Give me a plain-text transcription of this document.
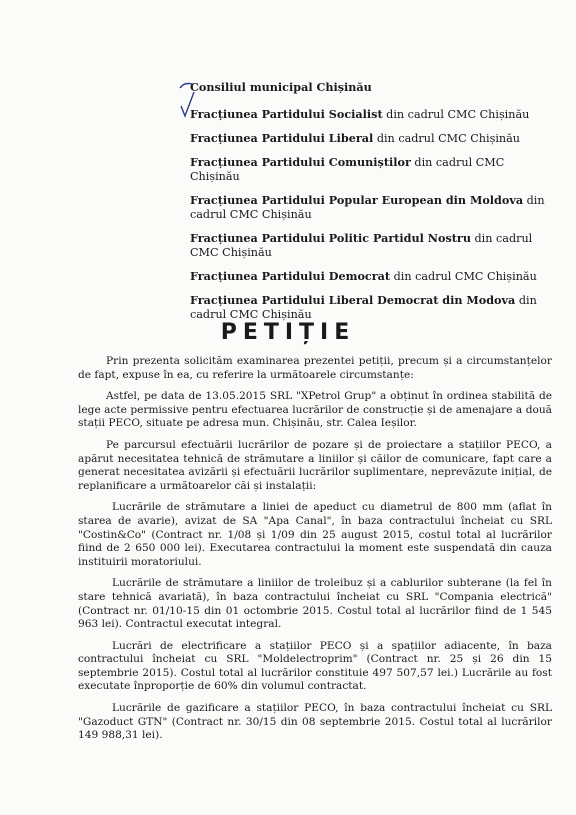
Consiliul municipal Chișinău
Fracțiunea Partidului Socialist din cadrul CMC Chișinău
Fracțiunea Partidului Liberal din cadrul CMC Chișinău
Fracțiunea Partidului Comuniștilor din cadrul CMC Chișinău
Fracțiunea Partidului Popular European din Moldova din cadrul CMC Chișinău
Fracțiunea Partidului Politic Partidul Nostru din cadrul CMC Chișinău
Fracțiunea Partidului Democrat din cadrul CMC Chișinău
Fracțiunea Partidului Liberal Democrat din Modova din cadrul CMC Chișinău
PETIȚIE

Prin prezenta solicităm examinarea prezentei petiții, precum și a circumstanțelor de fapt, expuse în ea, cu referire la următoarele circumstanțe:

Astfel, pe data de 13.05.2015 SRL "XPetrol Grup" a obținut în ordinea stabilită de lege acte permissive pentru efectuarea lucrărilor de construcție și de amenajare a două stații PECO, situate pe adresa mun. Chișinău, str. Calea Ieșilor.

Pe parcursul efectuării lucrărilor de pozare și de proiectare a stațiilor PECO, a apărut necesitatea tehnică de strămutare a liniilor și căilor de comunicare, fapt care a generat necesitatea avizării și efectuării lucrărilor suplimentare, neprevăzute inițial, de replanificare a următoarelor căi și instalații:

Lucrările de strămutare a liniei de apeduct cu diametrul de 800 mm (aflat în starea de avarie), avizat de SA "Apa Canal", în baza contractului încheiat cu SRL "Costin&Co" (Contract nr. 1/08 și 1/09 din 25 august 2015, costul total al lucrărilor fiind de 2 650 000 lei). Executarea contractului la moment este suspendată din cauza instituirii moratoriului.

Lucrările de strămutare a liniilor de troleibuz și a cablurilor subterane (la fel în stare tehnică avariată), în baza contractului încheiat cu SRL "Compania electrică" (Contract nr. 01/10-15 din 01 octombrie 2015. Costul total al lucrărilor fiind de 1 545 963 lei). Contractul executat integral.

Lucrări de electrificare a stațiilor PECO și a spațiilor adiacente, în baza contractului încheiat cu SRL "Moldelectroprim" (Contract nr. 25 și 26 din 15 septembrie 2015). Costul total al lucrărilor constituie 497 507,57 lei.) Lucrările au fost executate înproporție de 60% din volumul contractat.

Lucrările de gazificare a stațiilor PECO, în baza contractului încheiat cu SRL "Gazoduct GTN" (Contract nr. 30/15 din 08 septembrie 2015. Costul total al lucrărilor 149 988,31 lei).
